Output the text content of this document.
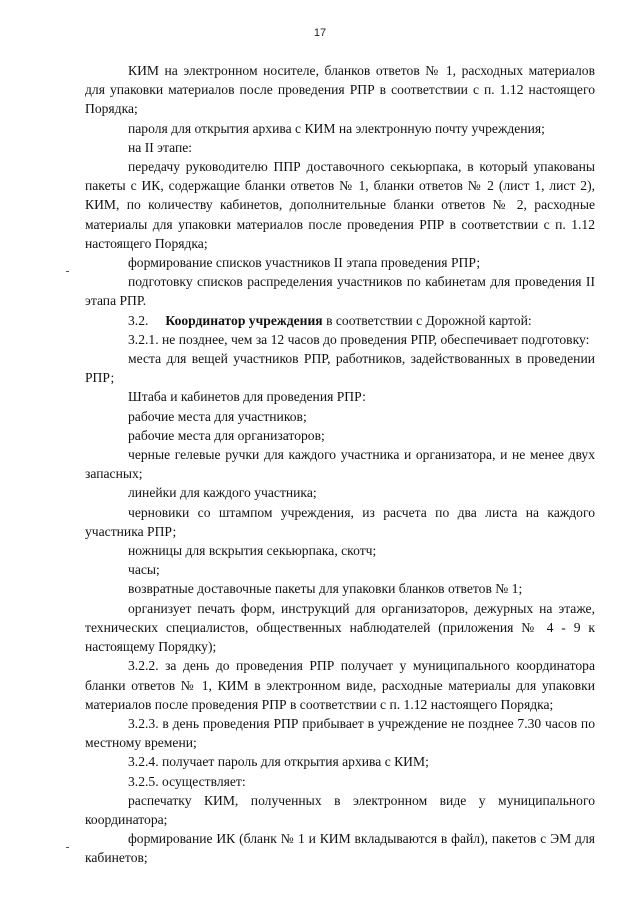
17

КИМ на электронном носителе, бланков ответов № 1, расходных материалов для упаковки материалов после проведения РПР в соответствии с п. 1.12 настоящего Порядка;

пароля для открытия архива с КИМ на электронную почту учреждения;

на II этапе:

передачу руководителю ППР доставочного секьюрпака, в который упакованы пакеты с ИК, содержащие бланки ответов № 1, бланки ответов № 2 (лист 1, лист 2), КИМ, по количеству кабинетов, дополнительные бланки ответов № 2, расходные материалы для упаковки материалов после проведения РПР в соответствии с п. 1.12 настоящего Порядка;

формирование списков участников II этапа проведения РПР;

подготовку списков распределения участников по кабинетам для проведения II этапа РПР.

3.2. Координатор учреждения в соответствии с Дорожной картой:

3.2.1. не позднее, чем за 12 часов до проведения РПР, обеспечивает подготовку:

места для вещей участников РПР, работников, задействованных в проведении РПР;

Штаба и кабинетов для проведения РПР:

рабочие места для участников;

рабочие места для организаторов;

черные гелевые ручки для каждого участника и организатора, и не менее двух запасных;

линейки для каждого участника;

черновики со штампом учреждения, из расчета по два листа на каждого участника РПР;

ножницы для вскрытия секьюрпака, скотч;

часы;

возвратные доставочные пакеты для упаковки бланков ответов № 1;

организует печать форм, инструкций для организаторов, дежурных на этаже, технических специалистов, общественных наблюдателей (приложения № 4 - 9 к настоящему Порядку);

3.2.2. за день до проведения РПР получает у муниципального координатора бланки ответов № 1, КИМ в электронном виде, расходные материалы для упаковки материалов после проведения РПР в соответствии с п. 1.12 настоящего Порядка;

3.2.3. в день проведения РПР прибывает в учреждение не позднее 7.30 часов по местному времени;

3.2.4. получает пароль для открытия архива с КИМ;

3.2.5. осуществляет:

распечатку КИМ, полученных в электронном виде у муниципального координатора;

формирование ИК (бланк № 1 и КИМ вкладываются в файл), пакетов с ЭМ для кабинетов;
